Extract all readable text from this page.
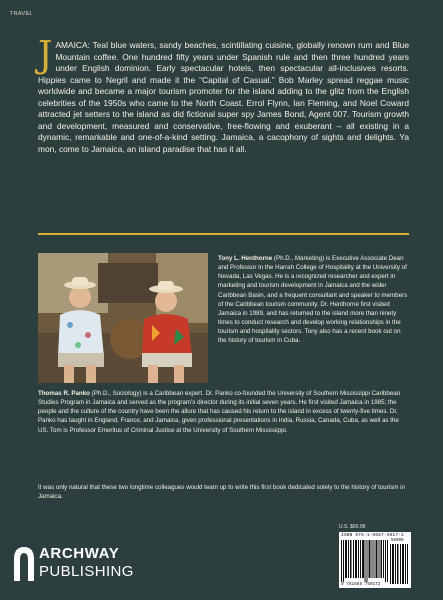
TRAVEL
JAMAICA: Teal blue waters, sandy beaches, scintillating cuisine, globally renown rum and Blue Mountain coffee. One hundred fifty years under Spanish rule and then three hundred years under English dominion. Early spectacular hotels, then spectacular all-inclusives resorts. Hippies came to Negril and made it the “Capital of Casual.” Bob Marley spread reggae music worldwide and became a major tourism promoter for the island adding to the glitz from the English celebrities of the 1950s who came to the North Coast. Errol Flynn, Ian Fleming, and Noel Coward attracted jet setters to the island as did fictional super spy James Bond, Agent 007. Tourism growth and development, measured and conservative, free-flowing and exuberant – all existing in a dynamic, remarkable and one-of-a-kind setting. Jamaica, a cacophony of sights and delights. Ya mon, come to Jamaica, an island paradise that has it all.
Tony L. Henthorne (Ph.D., Marketing) is Executive Associate Dean and Professor in the Harrah College of Hospitality at the University of Nevada, Las Vegas. He is a recognized researcher and expert in marketing and tourism development in Jamaica and the wider Caribbean Basin, and a frequent consultant and speaker to members of the Caribbean tourism community. Dr. Henthorne first visited Jamaica in 1989, and has returned to the island more than ninety times to conduct research and develop working relationships in the tourism and hospitality sectors. Tony also has a recent book out on the history of tourism in Cuba.
Thomas R. Panko (Ph.D., Sociology) is a Caribbean expert. Dr. Panko co-founded the University of Southern Mississippi Caribbean Studies Program in Jamaica and served as the program’s director during its initial seven years. He first visited Jamaica in 1985; the people and the culture of the country have been the allure that has caused his return to the island in excess of twenty-five times. Dr. Panko has taught in England, France, and Jamaica, given professional presentations in India, Russia, Canada, Cuba, as well as the US. Tom is Professor Emeritus of Criminal Justice at the University of Southern Mississippi.
It was only natural that these two longtime colleagues would team up to write this first book dedicated solely to the history of tourism in Jamaica.
U.S. $60.99
ISBN 978-1-6657-5017-2
56099
9 781665 750172
ARCHWAY
PUBLISHING
